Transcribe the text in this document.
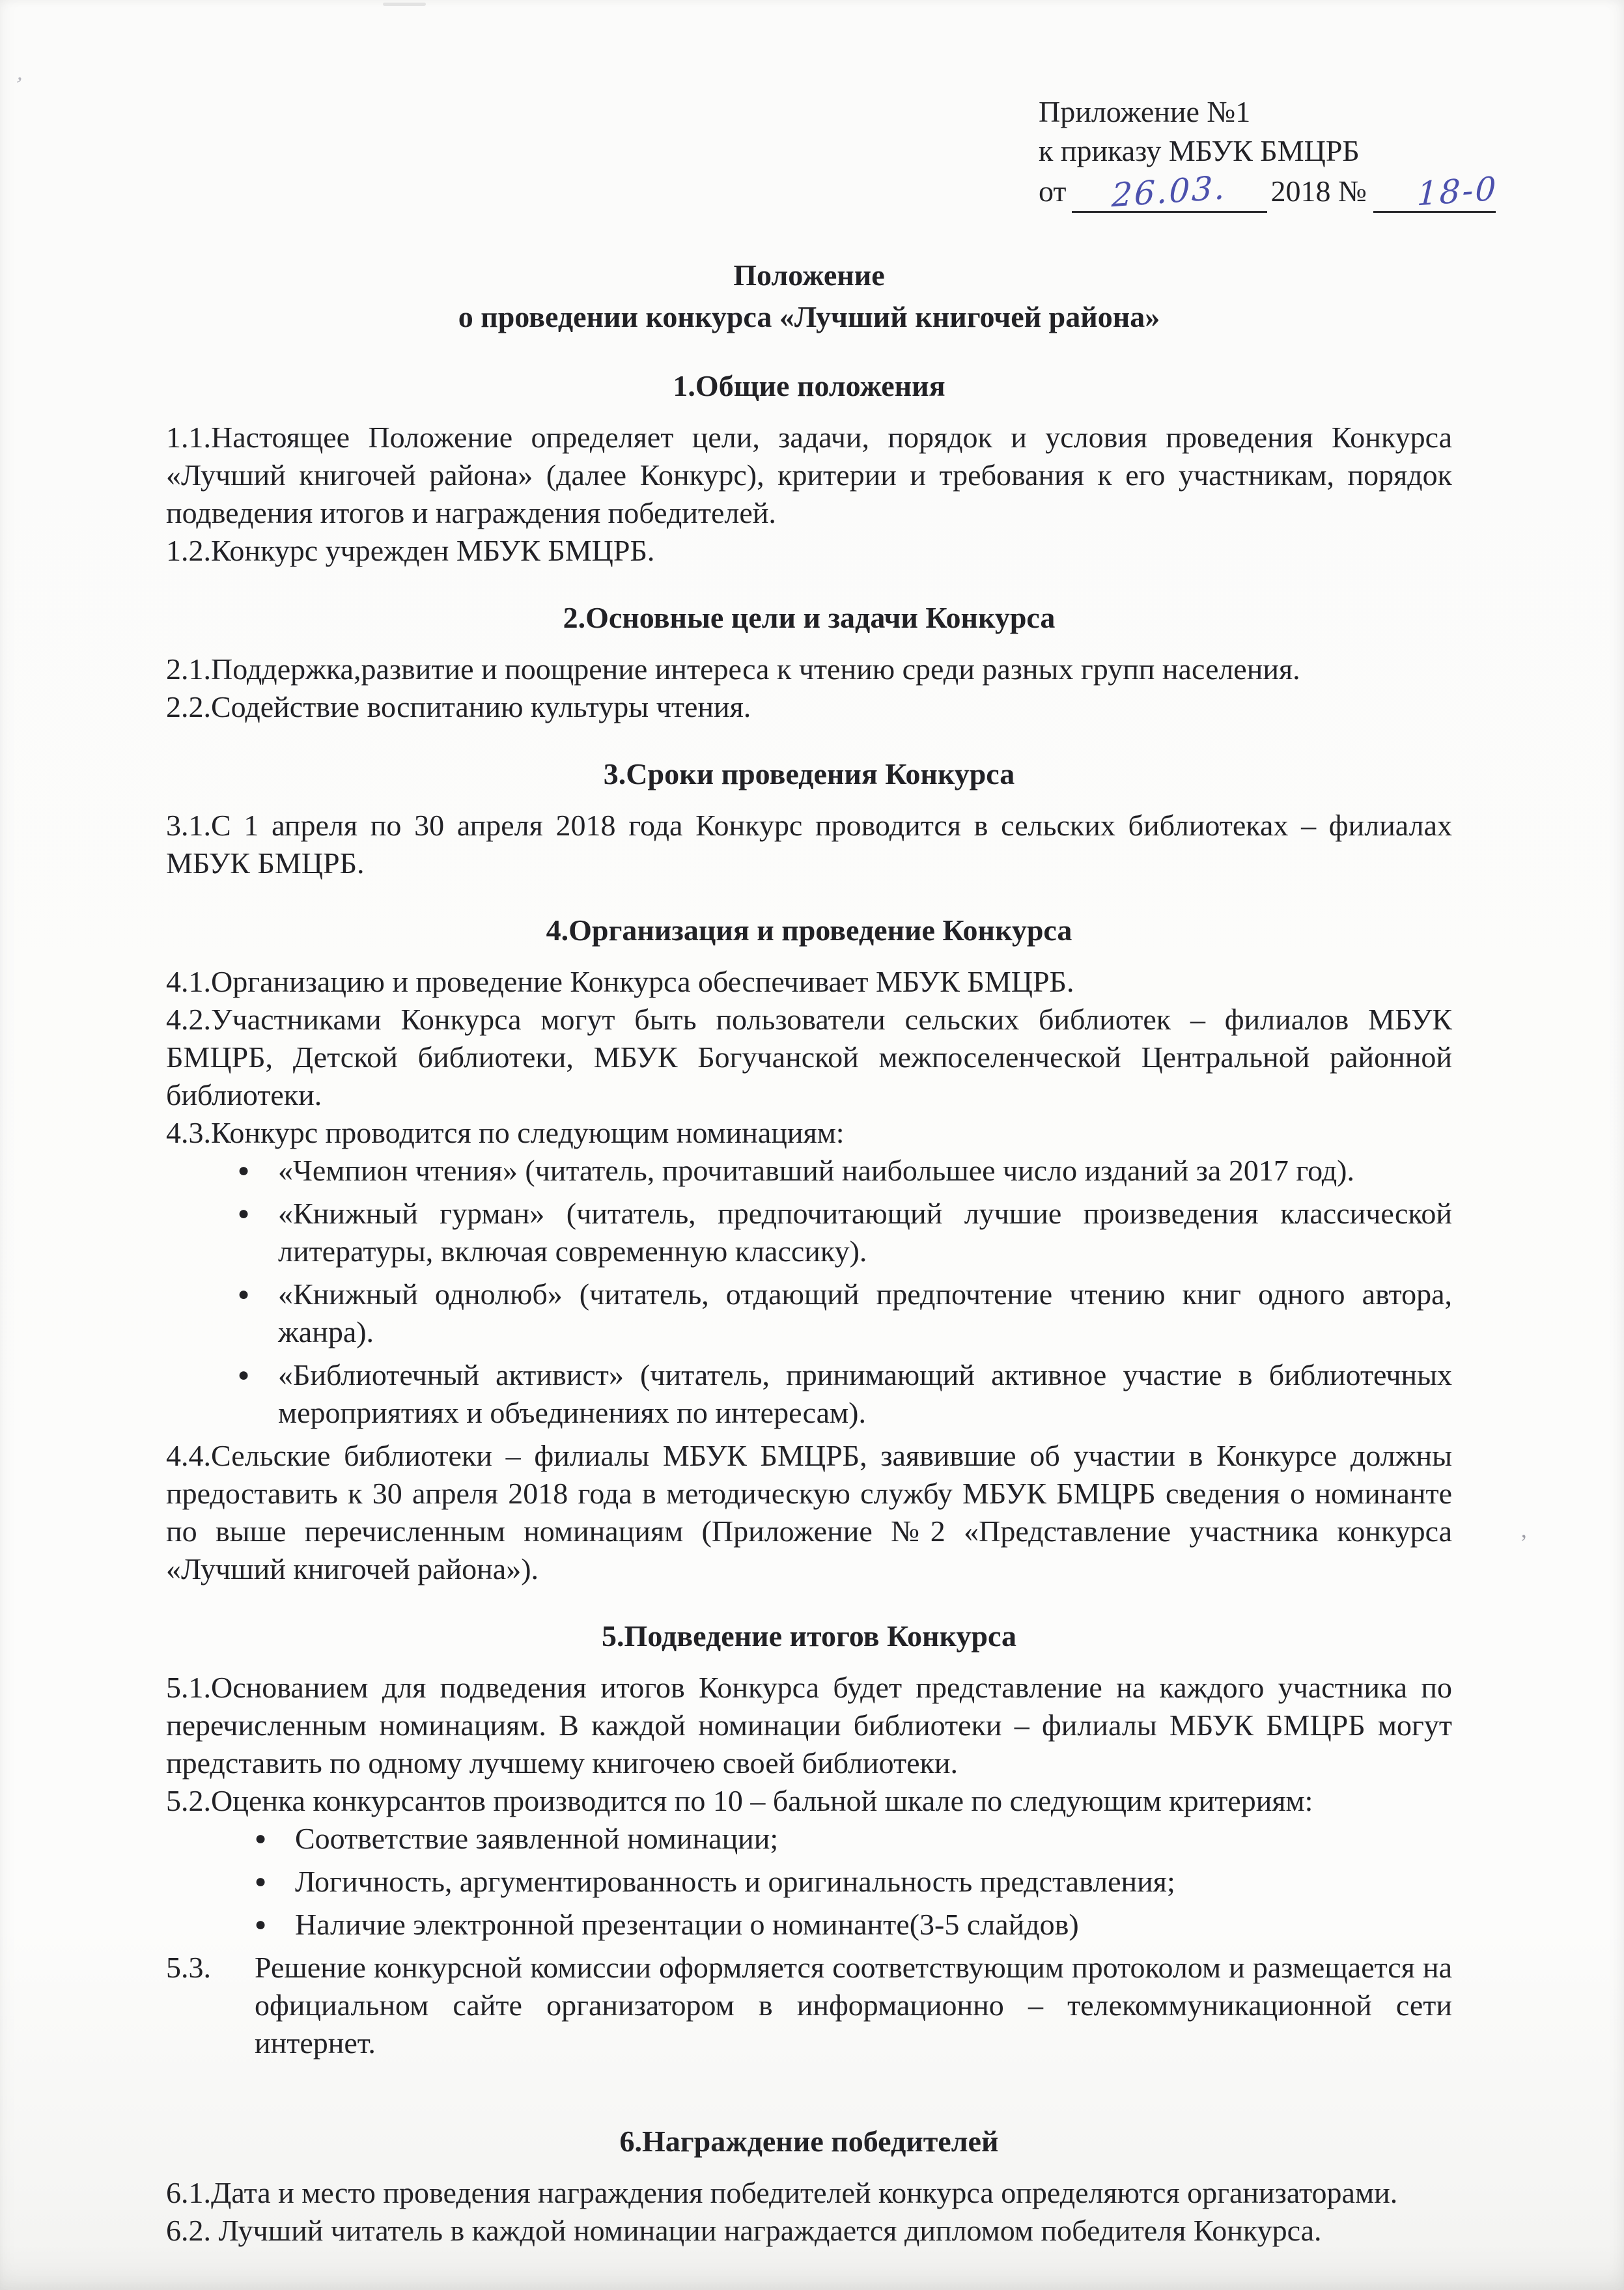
’
’
Приложение №1
к приказу МБУК БМЦРБ
от 26.03. 2018 № 18-0
Положение
о проведении конкурса «Лучший книгочей района»
1.Общие положения

1.1.Настоящее Положение определяет цели, задачи, порядок и условия проведения Конкурса «Лучший книгочей района» (далее Конкурс), критерии и требования к его участникам, порядок подведения итогов и награждения победителей.

1.2.Конкурс учрежден МБУК БМЦРБ.

2.Основные цели и задачи Конкурса

2.1.Поддержка,развитие и поощрение интереса к чтению среди разных групп населения.

2.2.Содействие воспитанию культуры чтения.

3.Сроки проведения Конкурса

3.1.С 1 апреля по 30 апреля 2018 года Конкурс проводится в сельских библиотеках – филиалах МБУК БМЦРБ.

4.Организация и проведение Конкурса

4.1.Организацию и проведение Конкурса обеспечивает МБУК БМЦРБ.

4.2.Участниками Конкурса могут быть пользователи сельских библиотек – филиалов МБУК БМЦРБ, Детской библиотеки, МБУК Богучанской межпоселенческой Центральной районной библиотеки.

4.3.Конкурс проводится по следующим номинациям:

● «Чемпион чтения» (читатель, прочитавший наибольшее число изданий за 2017 год).
● «Книжный гурман» (читатель, предпочитающий лучшие произведения классической литературы, включая современную классику).
● «Книжный однолюб» (читатель, отдающий предпочтение чтению книг одного автора, жанра).
● «Библиотечный активист» (читатель, принимающий активное участие в библиотечных мероприятиях и объединениях по интересам).

4.4.Сельские библиотеки – филиалы МБУК БМЦРБ, заявившие об участии в Конкурсе должны предоставить к 30 апреля 2018 года в методическую службу МБУК БМЦРБ сведения о номинанте по выше перечисленным номинациям (Приложение №2 «Представление участника конкурса «Лучший книгочей района»).

5.Подведение итогов Конкурса

5.1.Основанием для подведения итогов Конкурса будет представление на каждого участника по перечисленным номинациям. В каждой номинации библиотеки – филиалы МБУК БМЦРБ могут представить по одному лучшему книгочею своей библиотеки.

5.2.Оценка конкурсантов производится по 10 – бальной шкале по следующим критериям:

● Соответствие заявленной номинации;
● Логичность, аргументированность и оригинальность представления;
● Наличие электронной презентации о номинанте(3-5 слайдов)
5.3.	Решение конкурсной комиссии оформляется соответствующим протоколом и размещается на официальном сайте организатором в информационно – телекоммуникационной сети интернет.
6.Награждение победителей

6.1.Дата и место проведения награждения победителей конкурса определяются организаторами.

6.2. Лучший читатель в каждой номинации награждается дипломом победителя Конкурса.
